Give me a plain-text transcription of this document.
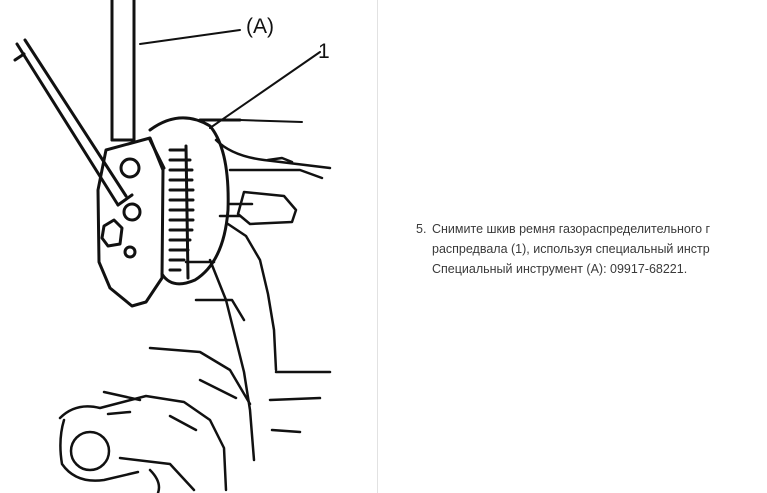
(A)
1
5. Снимите шкив ремня газораспределительного г
распредвала (1), используя специальный инстр
Специальный инструмент (A): 09917-68221.
